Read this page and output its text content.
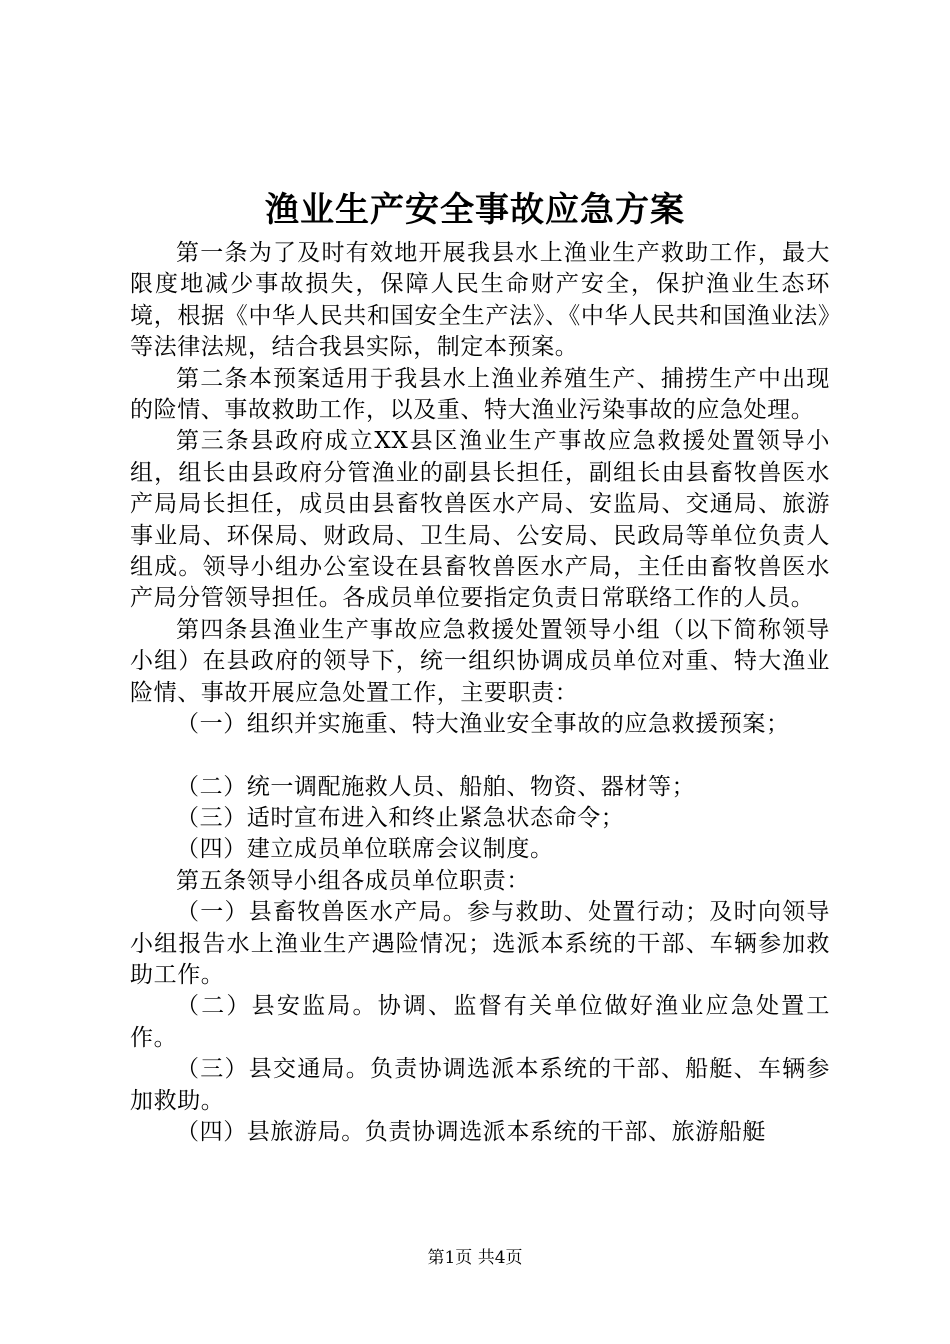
渔业生产安全事故应急方案

第一条为了及时有效地开展我县水上渔业生产救助工作，最大限度地减少事故损失，保障人民生命财产安全，保护渔业生态环境，根据《中华人民共和国安全生产法》、《中华人民共和国渔业法》等法律法规，结合我县实际，制定本预案。

第二条本预案适用于我县水上渔业养殖生产、捕捞生产中出现的险情、事故救助工作，以及重、特大渔业污染事故的应急处理。

第三条县政府成立XX县区渔业生产事故应急救援处置领导小组，组长由县政府分管渔业的副县长担任，副组长由县畜牧兽医水产局局长担任，成员由县畜牧兽医水产局、安监局、交通局、旅游事业局、环保局、财政局、卫生局、公安局、民政局等单位负责人组成。领导小组办公室设在县畜牧兽医水产局，主任由畜牧兽医水产局分管领导担任。各成员单位要指定负责日常联络工作的人员。

第四条县渔业生产事故应急救援处置领导小组（以下简称领导小组）在县政府的领导下，统一组织协调成员单位对重、特大渔业险情、事故开展应急处置工作，主要职责：

（一）组织并实施重、特大渔业安全事故的应急救援预案；

（二）统一调配施救人员、船舶、物资、器材等；

（三）适时宣布进入和终止紧急状态命令；

（四）建立成员单位联席会议制度。

第五条领导小组各成员单位职责：

（一）县畜牧兽医水产局。参与救助、处置行动；及时向领导小组报告水上渔业生产遇险情况；选派本系统的干部、车辆参加救助工作。

（二）县安监局。协调、监督有关单位做好渔业应急处置工作。

（三）县交通局。负责协调选派本系统的干部、船艇、车辆参加救助。

（四）县旅游局。负责协调选派本系统的干部、旅游船艇

第1页 共4页
